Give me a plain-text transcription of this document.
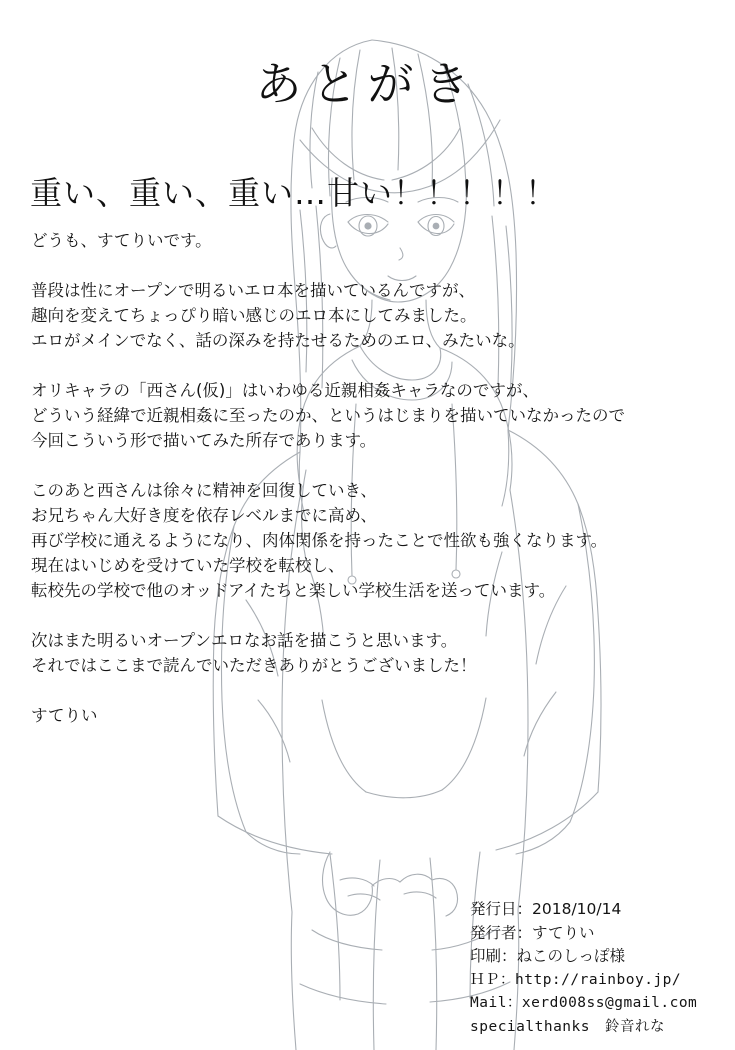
あとがき
重い、重い、重い…甘い！！！！！

どうも、すてりいです。

普段は性にオープンで明るいエロ本を描いているんですが、
趣向を変えてちょっぴり暗い感じのエロ本にしてみました。
エロがメインでなく、話の深みを持たせるためのエロ、みたいな。

オリキャラの「西さん(仮)」はいわゆる近親相姦キャラなのですが、
どういう経緯で近親相姦に至ったのか、というはじまりを描いていなかったので
今回こういう形で描いてみた所存であります。

このあと西さんは徐々に精神を回復していき、
お兄ちゃん大好き度を依存レベルまでに高め、
再び学校に通えるようになり、肉体関係を持ったことで性欲も強くなります。
現在はいじめを受けていた学校を転校し、
転校先の学校で他のオッドアイたちと楽しい学校生活を送っています。

次はまた明るいオープンエロなお話を描こうと思います。
それではここまで読んでいただきありがとうございました！

すてりい

発行日：2018/10/14
発行者：すてりい
印刷：ねこのしっぽ様
ＨＰ：http://rainboy.jp/
Mail：xerd008ss@gmail.com
specialthanks　鈴音れな
